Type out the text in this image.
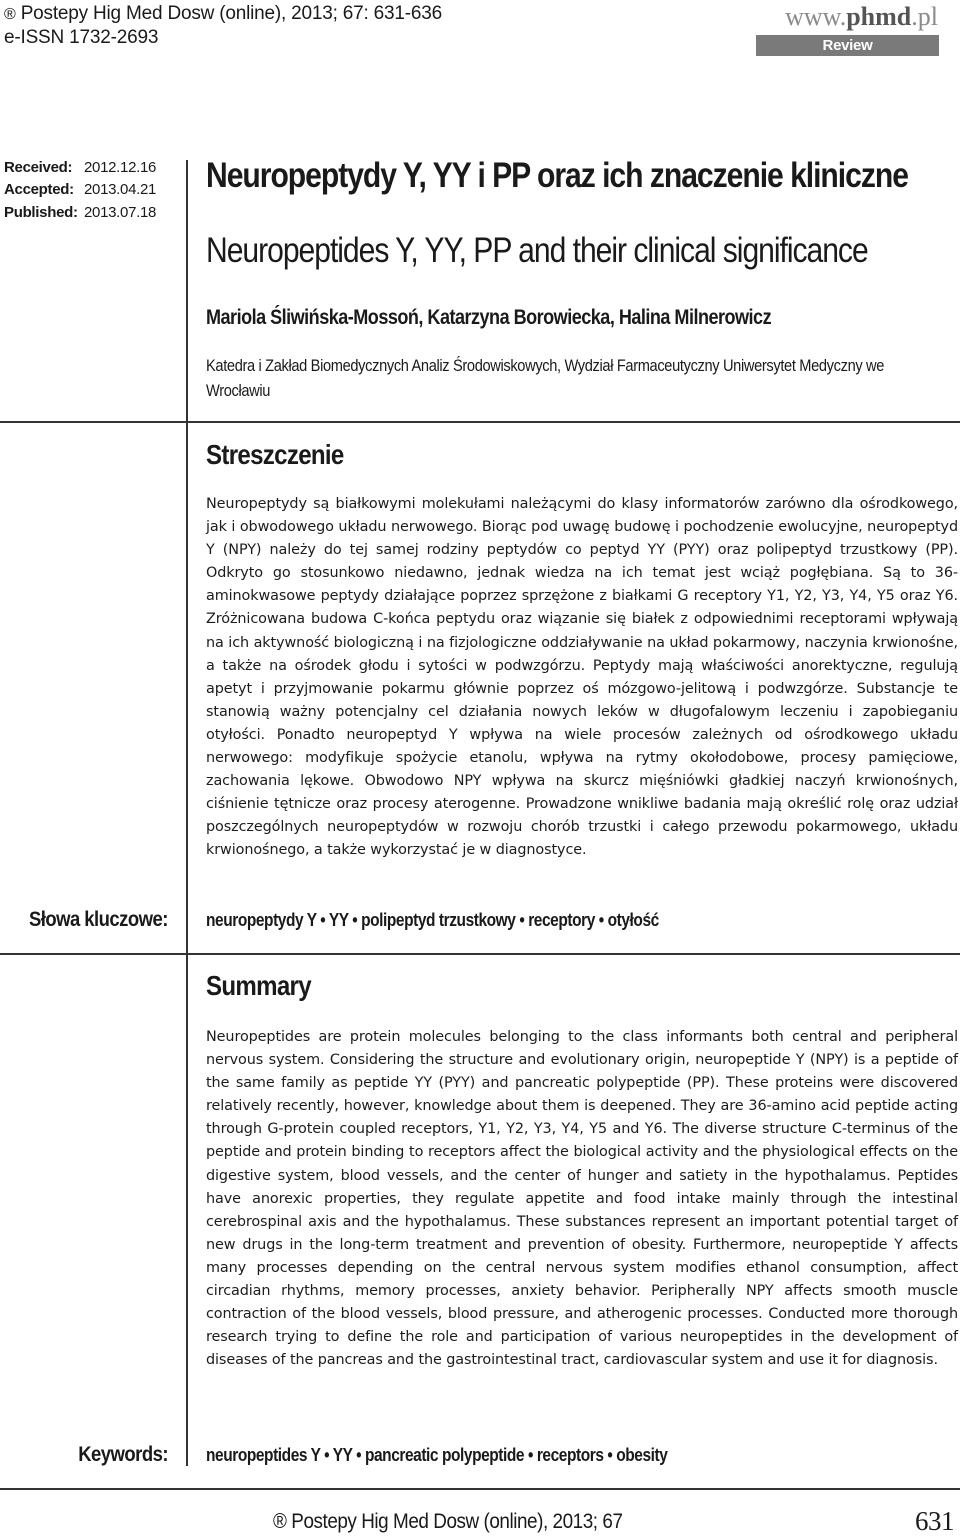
® Postepy Hig Med Dosw (online), 2013; 67: 631-636
e-ISSN 1732-2693
www.phmd.pl
Review
Received: 2012.12.16
Accepted: 2013.04.21
Published: 2013.07.18
Neuropeptydy Y, YY i PP oraz ich znaczenie kliniczne
Neuropeptides Y, YY, PP and their clinical significance
Mariola Śliwińska-Mossoń, Katarzyna Borowiecka, Halina Milnerowicz
Katedra i Zakład Biomedycznych Analiz Środowiskowych, Wydział Farmaceutyczny Uniwersytet Medyczny we Wrocławiu
Streszczenie
Neuropeptydy są białkowymi molekułami należącymi do klasy informatorów zarówno dla ośrodkowego, jak i obwodowego układu nerwowego. Biorąc pod uwagę budowę i pochodzenie ewolucyjne, neuropeptyd Y (NPY) należy do tej samej rodziny peptydów co peptyd YY (PYY) oraz polipeptyd trzustkowy (PP). Odkryto go stosunkowo niedawno, jednak wiedza na ich temat jest wciąż pogłębiana. Są to 36-aminokwasowe peptydy działające poprzez sprzężone z białkami G receptory Y1, Y2, Y3, Y4, Y5 oraz Y6. Zróżnicowana budowa C-końca peptydu oraz wiązanie się białek z odpowiednimi receptorami wpływają na ich aktywność biologiczną i na fizjologiczne oddziaływanie na układ pokarmowy, naczynia krwionośne, a także na ośrodek głodu i sytości w podwzgórzu. Peptydy mają właściwości anorektyczne, regulują apetyt i przyjmowanie pokarmu głównie poprzez oś mózgowo-jelitową i podwzgórze. Substancje te stanowią ważny potencjalny cel działania nowych leków w długofalowym leczeniu i zapobieganiu otyłości. Ponadto neuropeptyd Y wpływa na wiele procesów zależnych od ośrodkowego układu nerwowego: modyfikuje spożycie etanolu, wpływa na rytmy okołodobowe, procesy pamięciowe, zachowania lękowe. Obwodowo NPY wpływa na skurcz mięśniówki gładkiej naczyń krwionośnych, ciśnienie tętnicze oraz procesy aterogenne. Prowadzone wnikliwe badania mają określić rolę oraz udział poszczególnych neuropeptydów w rozwoju chorób trzustki i całego przewodu pokarmowego, układu krwionośnego, a także wykorzystać je w diagnostyce.
Słowa kluczowe: neuropeptydy Y • YY • polipeptyd trzustkowy • receptory • otyłość
Summary
Neuropeptides are protein molecules belonging to the class informants both central and peripheral nervous system. Considering the structure and evolutionary origin, neuropeptide Y (NPY) is a peptide of the same family as peptide YY (PYY) and pancreatic polypeptide (PP). These proteins were discovered relatively recently, however, knowledge about them is deepened. They are 36-amino acid peptide acting through G-protein coupled receptors, Y1, Y2, Y3, Y4, Y5 and Y6. The diverse structure C-terminus of the peptide and protein binding to receptors affect the biological activity and the physiological effects on the digestive system, blood vessels, and the center of hunger and satiety in the hypothalamus. Peptides have anorexic properties, they regulate appetite and food intake mainly through the intestinal cerebrospinal axis and the hypothalamus. These substances represent an important potential target of new drugs in the long-term treatment and prevention of obesity. Furthermore, neuropeptide Y affects many processes depending on the central nervous system modifies ethanol consumption, affect circadian rhythms, memory processes, anxiety behavior. Peripherally NPY affects smooth muscle contraction of the blood vessels, blood pressure, and atherogenic processes. Conducted more thorough research trying to define the role and participation of various neuropeptides in the development of diseases of the pancreas and the gastrointestinal tract, cardiovascular system and use it for diagnosis.
Keywords: neuropeptides Y • YY • pancreatic polypeptide • receptors • obesity
® Postepy Hig Med Dosw (online), 2013; 67	631
